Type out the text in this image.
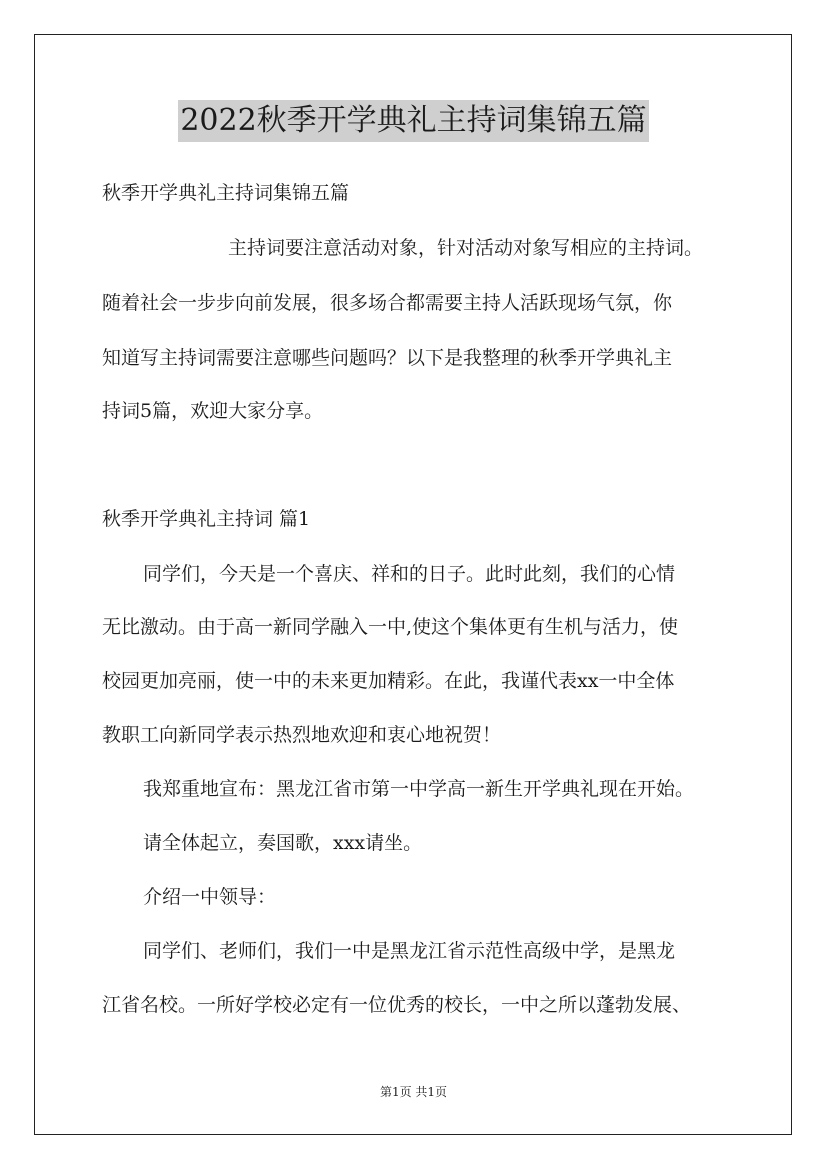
2022秋季开学典礼主持词集锦五篇
秋季开学典礼主持词集锦五篇
主持词要注意活动对象，针对活动对象写相应的主持词。
随着社会一步步向前发展，很多场合都需要主持人活跃现场气氛，你
知道写主持词需要注意哪些问题吗？以下是我整理的秋季开学典礼主
持词5篇，欢迎大家分享。
秋季开学典礼主持词 篇1
同学们，今天是一个喜庆、祥和的日子。此时此刻，我们的心情
无比激动。由于高一新同学融入一中,使这个集体更有生机与活力，使
校园更加亮丽，使一中的未来更加精彩。在此，我谨代表xx一中全体
教职工向新同学表示热烈地欢迎和衷心地祝贺！
我郑重地宣布：黑龙江省市第一中学高一新生开学典礼现在开始。
请全体起立，奏国歌，xxx请坐。
介绍一中领导：
同学们、老师们，我们一中是黑龙江省示范性高级中学，是黑龙
江省名校。一所好学校必定有一位优秀的校长，一中之所以蓬勃发展、
第1页 共1页
